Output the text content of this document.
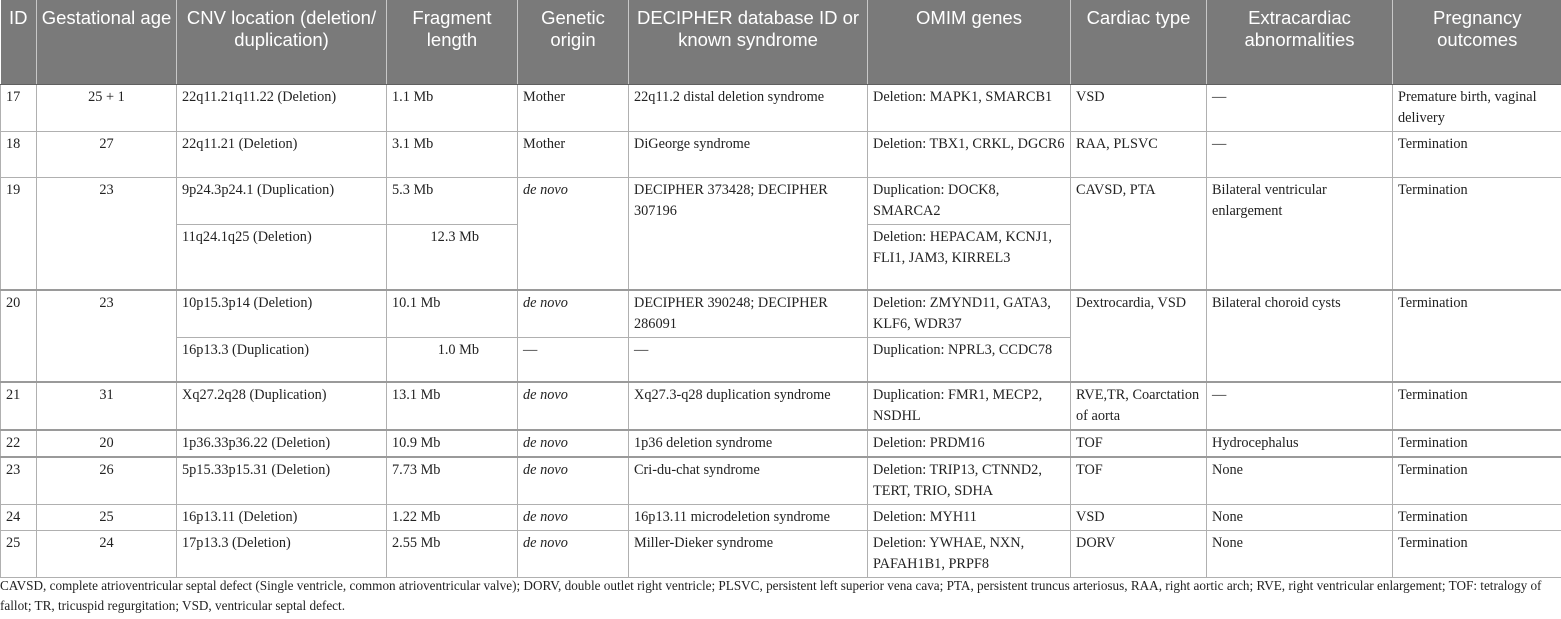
ID	Gestational age	CNV location (deletion/ duplication)	Fragment length	Genetic origin	DECIPHER database ID or known syndrome	OMIM genes	Cardiac type	Extracardiac abnormalities	Pregnancy outcomes
17	25 + 1	22q11.21q11.22 (Deletion)	1.1 Mb	Mother	22q11.2 distal deletion syndrome	Deletion: MAPK1, SMARCB1	VSD	—	Premature birth, vaginal delivery
18	27	22q11.21 (Deletion)	3.1 Mb	Mother	DiGeorge syndrome	Deletion: TBX1, CRKL, DGCR6	RAA, PLSVC	—	Termination
19	23	9p24.3p24.1 (Duplication)	5.3 Mb	de novo	DECIPHER 373428; DECIPHER 307196	Duplication: DOCK8, SMARCA2	CAVSD, PTA	Bilateral ventricular enlargement	Termination
		11q24.1q25 (Deletion)	12.3 Mb			Deletion: HEPACAM, KCNJ1, FLI1, JAM3, KIRREL3			
20	23	10p15.3p14 (Deletion)	10.1 Mb	de novo	DECIPHER 390248; DECIPHER 286091	Deletion: ZMYND11, GATA3, KLF6, WDR37	Dextrocardia, VSD	Bilateral choroid cysts	Termination
		16p13.3 (Duplication)	1.0 Mb	—	—	Duplication: NPRL3, CCDC78			
21	31	Xq27.2q28 (Duplication)	13.1 Mb	de novo	Xq27.3-q28 duplication syndrome	Duplication: FMR1, MECP2, NSDHL	RVE,TR, Coarctation of aorta	—	Termination
22	20	1p36.33p36.22 (Deletion)	10.9 Mb	de novo	1p36 deletion syndrome	Deletion: PRDM16	TOF	Hydrocephalus	Termination
23	26	5p15.33p15.31 (Deletion)	7.73 Mb	de novo	Cri-du-chat syndrome	Deletion: TRIP13, CTNND2, TERT, TRIO, SDHA	TOF	None	Termination
24	25	16p13.11 (Deletion)	1.22 Mb	de novo	16p13.11 microdeletion syndrome	Deletion: MYH11	VSD	None	Termination
25	24	17p13.3 (Deletion)	2.55 Mb	de novo	Miller-Dieker syndrome	Deletion: YWHAE, NXN, PAFAH1B1, PRPF8	DORV	None	Termination
CAVSD, complete atrioventricular septal defect (Single ventricle, common atrioventricular valve); DORV, double outlet right ventricle; PLSVC, persistent left superior vena cava; PTA, persistent truncus arteriosus, RAA, right aortic arch; RVE, right ventricular enlargement; TOF: tetralogy of fallot; TR, tricuspid regurgitation; VSD, ventricular septal defect.
